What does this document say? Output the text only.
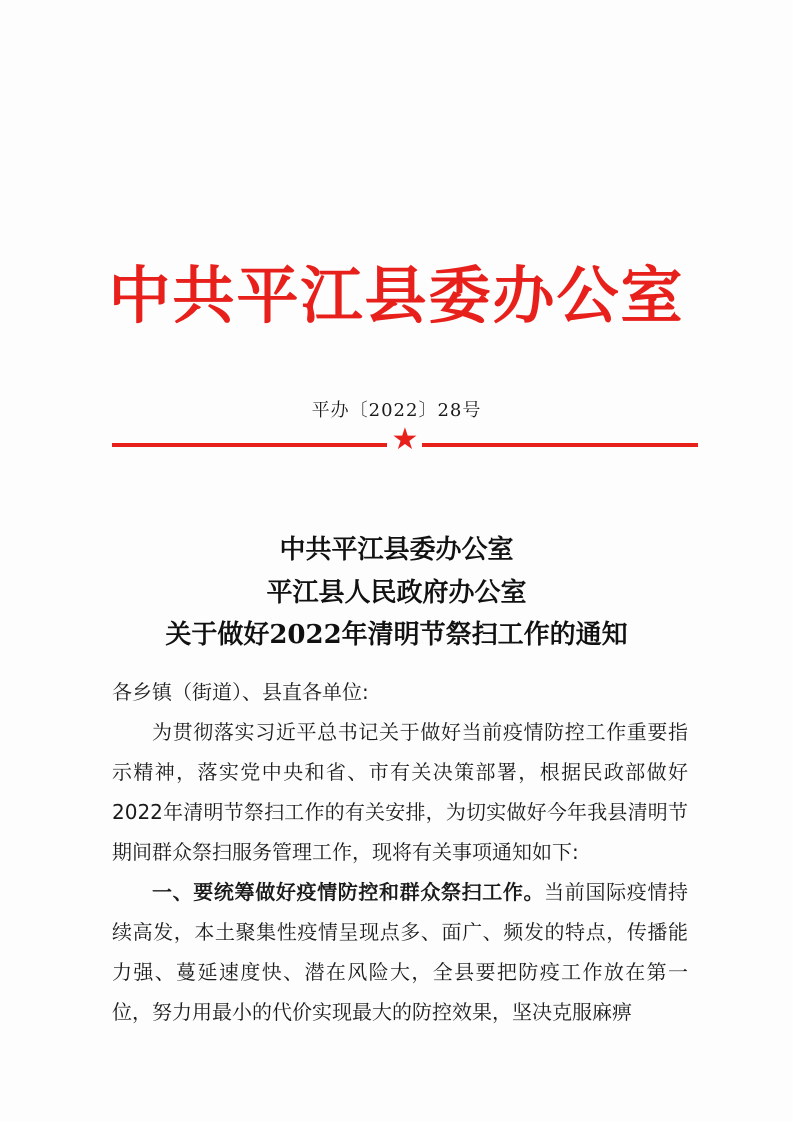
中共平江县委办公室
平办〔2022〕28号
★
中共平江县委办公室
平江县人民政府办公室
关于做好2022年清明节祭扫工作的通知

各乡镇（街道）、县直各单位:

为贯彻落实习近平总书记关于做好当前疫情防控工作重要指示精神，落实党中央和省、市有关决策部署，根据民政部做好2022年清明节祭扫工作的有关安排，为切实做好今年我县清明节期间群众祭扫服务管理工作，现将有关事项通知如下:

一、要统筹做好疫情防控和群众祭扫工作。当前国际疫情持续高发，本土聚集性疫情呈现点多、面广、频发的特点，传播能力强、蔓延速度快、潜在风险大，全县要把防疫工作放在第一位，努力用最小的代价实现最大的防控效果，坚决克服麻痹
